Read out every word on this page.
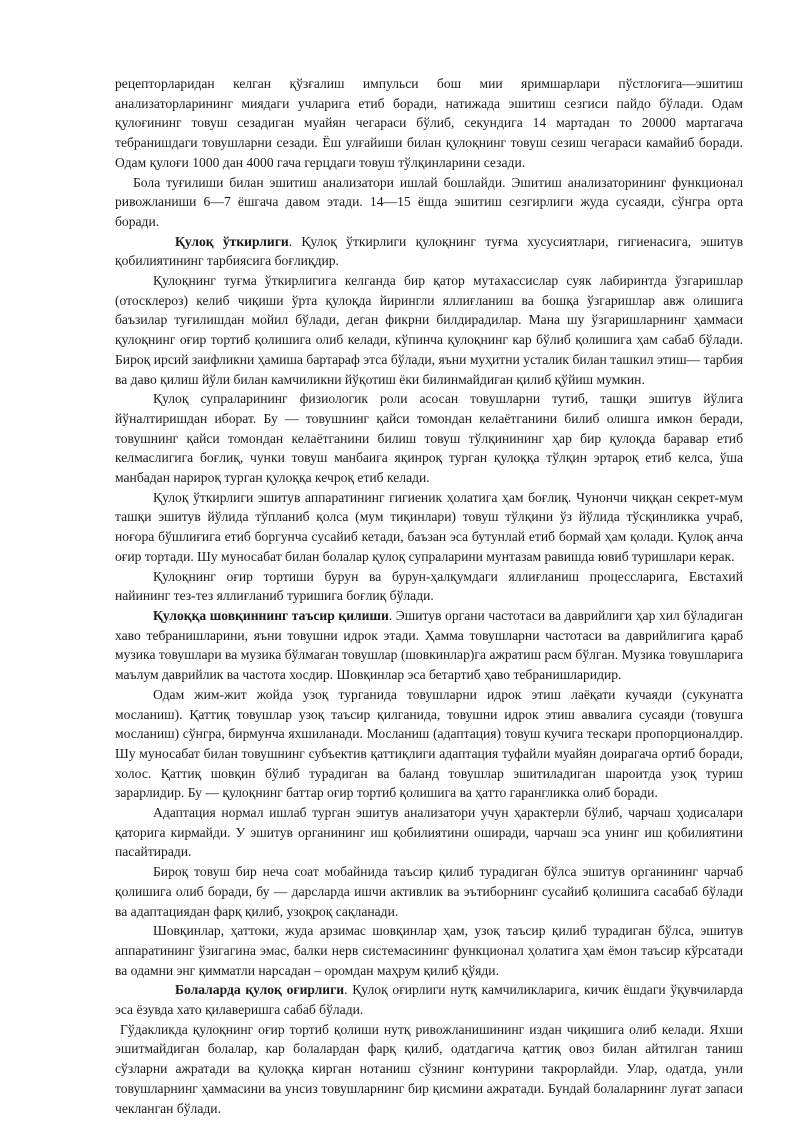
рецепторларидан келган қўзғалиш импульси бош мии яримшарлари пўстлоғига—эшитиш анализаторларининг миядаги учларига етиб боради, натижада эшитиш сезгиси пайдо бўлади. Одам қулоғининг товуш сезадиган муайян чегараси бўлиб, секундига 14 мартадан то 20000 мартагача тебранишдаги товушларни сезади. Ёш улғайиши билан қулоқнинг товуш сезиш чегараси камайиб боради. Одам қулоғи 1000 дан 4000 гача герцдаги товуш тўлқинларини сезади.

Бола туғилиши билан эшитиш анализатори ишлай бошлайди. Эшитиш анализаторининг функционал ривожланиши 6—7 ёшгача давом этади. 14—15 ёшда эшитиш сезгирлиги жуда сусаяди, сўнгра орта боради.

Қулоқ ўткирлиги. Қулоқ ўткирлиги қулоқнинг туғма хусусиятлари, гигиенасига, эшитув қобилиятининг тарбиясига боғлиқдир.

Қулоқнинг туғма ўткирлигига келганда бир қатор мутахассислар суяк лабиринтда ўзгаришлар (отосклероз) келиб чиқиши ўрта қулоқда йирингли яллиғланиш ва бошқа ўзгаришлар авж олишига баъзилар туғилишдан мойил бўлади, деган фикрни билдирадилар. Мана шу ўзгаришларнинг ҳаммаси қулоқнинг оғир тортиб қолишига олиб келади, кўпинча қулоқнинг кар бўлиб қолишига ҳам сабаб бўлади. Бироқ ирсий заифликни ҳамиша бартараф этса бўлади, яъни муҳитни усталик билан ташкил этиш— тарбия ва даво қилиш йўли билан камчиликни йўқотиш ёки билинмайдиган қилиб қўйиш мумкин.

Қулоқ супраларининг физиологик роли асосан товушларни тутиб, ташқи эшитув йўлига йўналтиришдан иборат. Бу — товушнинг қайси томондан келаётганини билиб олишга имкон беради, товушнинг қайси томондан келаётганини билиш товуш тўлқинининг ҳар бир қулоқда баравар етиб келмаслигига боғлиқ, чунки товуш манбаига яқинроқ турган қулоққа тўлқин эртароқ етиб келса, ўша манбадан нарироқ турган қулоққа кечроқ етиб келади.

Қулоқ ўткирлиги эшитув аппаратининг гигиеник ҳолатига ҳам боғлиқ. Чунончи чиққан секрет-мум ташқи эшитув йўлида тўпланиб қолса (мум тиқинлари) товуш тўлқини ўз йўлида тўсқинликка учраб, ноғора бўшлиғига етиб боргунча сусайиб кетади, баъзан эса бутунлай етиб бормай ҳам қолади. Қулоқ анча оғир тортади. Шу муносабат билан болалар қулоқ супраларини мунтазам равишда ювиб туришлари керак.

Қулоқнинг оғир тортиши бурун ва бурун-ҳалқумдаги яллиғланиш процессларига, Евстахий найининг тез-тез яллиғланиб туришига боғлиқ бўлади.

Қулоққа шовқиннинг таъсир қилиши. Эшитув органи частотаси ва даврийлиги ҳар хил бўладиган хаво тебранишларини, яъни товушни идрок этади. Ҳамма товушларни частотаси ва даврийлигига қараб музика товушлари ва музика бўлмаган товушлар (шовкинлар)га ажратиш расм бўлган. Музика товушларига маълум даврийлик ва частота хосдир. Шовқинлар эса бетартиб ҳаво тебранишларидир.

Одам жим-жит жойда узоқ турганида товушларни идрок этиш лаёқати кучаяди (сукунатга мосланиш). Қаттиқ товушлар узоқ таъсир қилганида, товушни идрок этиш аввалига сусаяди (товушга мосланиш) сўнгра, бирмунча яхшиланади. Мосланиш (адаптация) товуш кучига тескари пропорционалдир. Шу муносабат билан товушнинг субъектив қаттиқлиги адаптация туфайли муайян доирагача ортиб боради, холос. Қаттиқ шовқин бўлиб турадиган ва баланд товушлар эшитиладиган шароитда узоқ туриш зарарлидир. Бу — қулоқнинг баттар оғир тортиб қолишига ва ҳатто гарангликка олиб боради.

Адаптация нормал ишлаб турган эшитув анализатори учун ҳарактерли бўлиб, чарчаш ҳодисалари қаторига кирмайди. У эшитув органининг иш қобилиятини оширади, чарчаш эса унинг иш қобилиятини пасайтиради.

Бироқ товуш бир неча соат мобайнида таъсир қилиб турадиган бўлса эшитув органининг чарчаб қолишига олиб боради, бу — дарсларда ишчи активлик ва эътиборнинг сусайиб қолишига сасабаб бўлади ва адаптациядан фарқ қилиб, узоқроқ сақланади.

Шовқинлар, ҳаттоки, жуда арзимас шовқинлар ҳам, узоқ таъсир қилиб турадиган бўлса, эшитув аппаратининг ўзигагина эмас, балки нерв системасининг функционал ҳолатига ҳам ёмон таъсир кўрсатади ва одамни энг қимматли нарсадан – оромдан маҳрум қилиб қўяди.

Болаларда қулоқ оғирлиги. Қулоқ оғирлиги нутқ камчиликларига, кичик ёшдаги ўқувчиларда эса ёзувда хато қилаверишга сабаб бўлади.

Гўдакликда қулоқнинг оғир тортиб қолиши нутқ ривожланишининг издан чиқишига олиб келади. Яхши эшитмайдиган болалар, кар болалардан фарқ қилиб, одатдагича қаттиқ овоз билан айтилган таниш сўзларни ажратади ва қулоққа кирган нотаниш сўзнинг контурини такрорлайди. Улар, одатда, унли товушларнинг ҳаммасини ва унсиз товушларнинг бир қисмини ажратади. Бундай болаларнинг луғат запаси чекланган бўлади.
